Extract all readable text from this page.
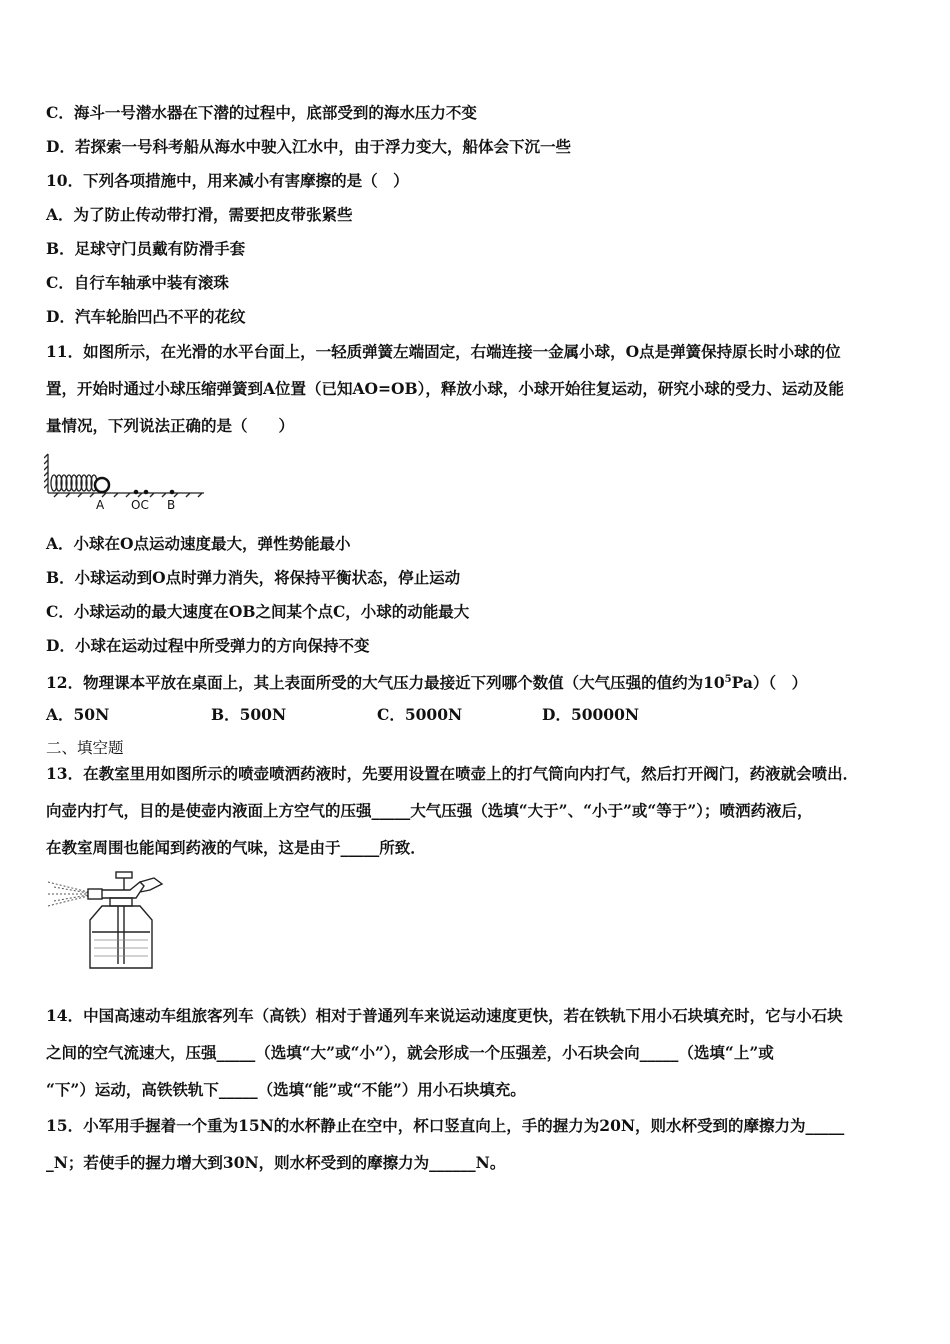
C．海斗一号潜水器在下潜的过程中，底部受到的海水压力不变
D．若探索一号科考船从海水中驶入江水中，由于浮力变大，船体会下沉一些
10．下列各项措施中，用来减小有害摩擦的是（　）
A．为了防止传动带打滑，需要把皮带张紧些
B．足球守门员戴有防滑手套
C．自行车轴承中装有滚珠
D．汽车轮胎凹凸不平的花纹
11．如图所示，在光滑的水平台面上，一轻质弹簧左端固定，右端连接一金属小球，O点是弹簧保持原长时小球的位
置，开始时通过小球压缩弹簧到A位置（已知AO=OB），释放小球，小球开始往复运动，研究小球的受力、运动及能
量情况，下列说法正确的是（　　）
A OC B
A．小球在O点运动速度最大，弹性势能最小
B．小球运动到O点时弹力消失，将保持平衡状态，停止运动
C．小球运动的最大速度在OB之间某个点C，小球的动能最大
D．小球在运动过程中所受弹力的方向保持不变
12．物理课本平放在桌面上，其上表面所受的大气压力最接近下列哪个数值（大气压强的值约为$10^5Pa$）（　）
A．50N	B．500N	C．5000N	D．50000N
二、填空题
13．在教室里用如图所示的喷壶喷洒药液时，先要用设置在喷壶上的打气筒向内打气，然后打开阀门，药液就会喷出．
向壶内打气，目的是使壶内液面上方空气的压强_____大气压强（选填“大于”、“小于”或“等于”）；喷洒药液后，
在教室周围也能闻到药液的气味，这是由于_____所致．
14．中国高速动车组旅客列车（高铁）相对于普通列车来说运动速度更快，若在铁轨下用小石块填充时，它与小石块
之间的空气流速大，压强_____（选填“大”或“小”），就会形成一个压强差，小石块会向_____（选填“上”或
“下”）运动，高铁铁轨下_____（选填“能”或“不能”）用小石块填充。
15．小军用手握着一个重为15N的水杯静止在空中，杯口竖直向上，手的握力为20N，则水杯受到的摩擦力为_____
_N；若使手的握力增大到30N，则水杯受到的摩擦力为______N。
